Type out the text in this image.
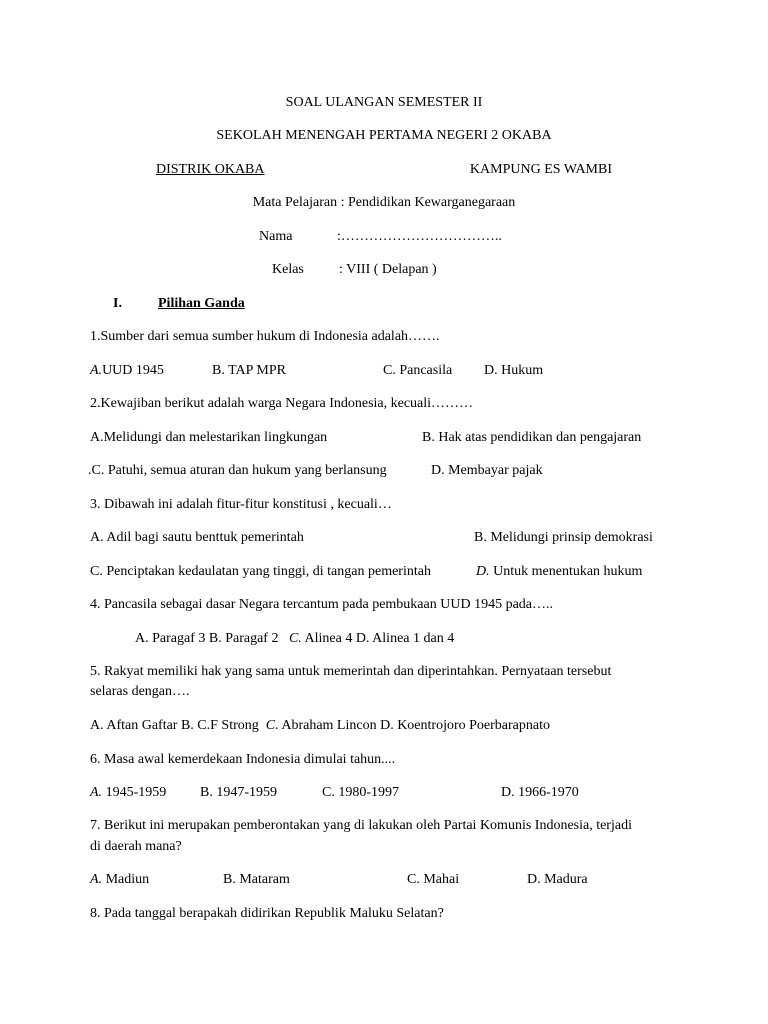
SOAL ULANGAN SEMESTER II
SEKOLAH MENENGAH PERTAMA NEGERI 2 OKABA
DISTRIK OKABA	KAMPUNG ES WAMBI
Mata Pelajaran : Pendidikan Kewarganegaraan
Nama	:……………………………..
Kelas	: VIII ( Delapan )
I.	Pilihan Ganda
1.Sumber dari semua sumber hukum di Indonesia adalah…….
A.UUD 1945	B. TAP MPR	C. Pancasila D. Hukum
2.Kewajiban berikut adalah warga Negara Indonesia, kecuali………
A.Melidungi dan melestarikan lingkungan	B. Hak atas pendidikan dan pengajaran
.C. Patuhi, semua aturan dan hukum yang berlansung	D. Membayar pajak
3. Dibawah ini adalah fitur-fitur konstitusi , kecuali…
A. Adil bagi sautu benttuk pemerintah	B. Melidungi prinsip demokrasi
C. Penciptakan kedaulatan yang tinggi, di tangan pemerintah	D. Untuk menentukan hukum
4. Pancasila sebagai dasar Negara tercantum pada pembukaan UUD 1945 pada…..
A. Paragaf 3 B. Paragaf 2 C. Alinea 4 D. Alinea 1 dan 4
5. Rakyat memiliki hak yang sama untuk memerintah dan diperintahkan. Pernyataan tersebut
selaras dengan….
A. Aftan Gaftar B. C.F Strong C. Abraham Lincon D. Koentrojoro Poerbarapnato
6. Masa awal kemerdekaan Indonesia dimulai tahun....
A. 1945-1959 B. 1947-1959	C. 1980-1997	D. 1966-1970
7. Berikut ini merupakan pemberontakan yang di lakukan oleh Partai Komunis Indonesia, terjadi
di daerah mana?
A. Madiun	B. Mataram	C. Mahai	D. Madura
8. Pada tanggal berapakah didirikan Republik Maluku Selatan?
